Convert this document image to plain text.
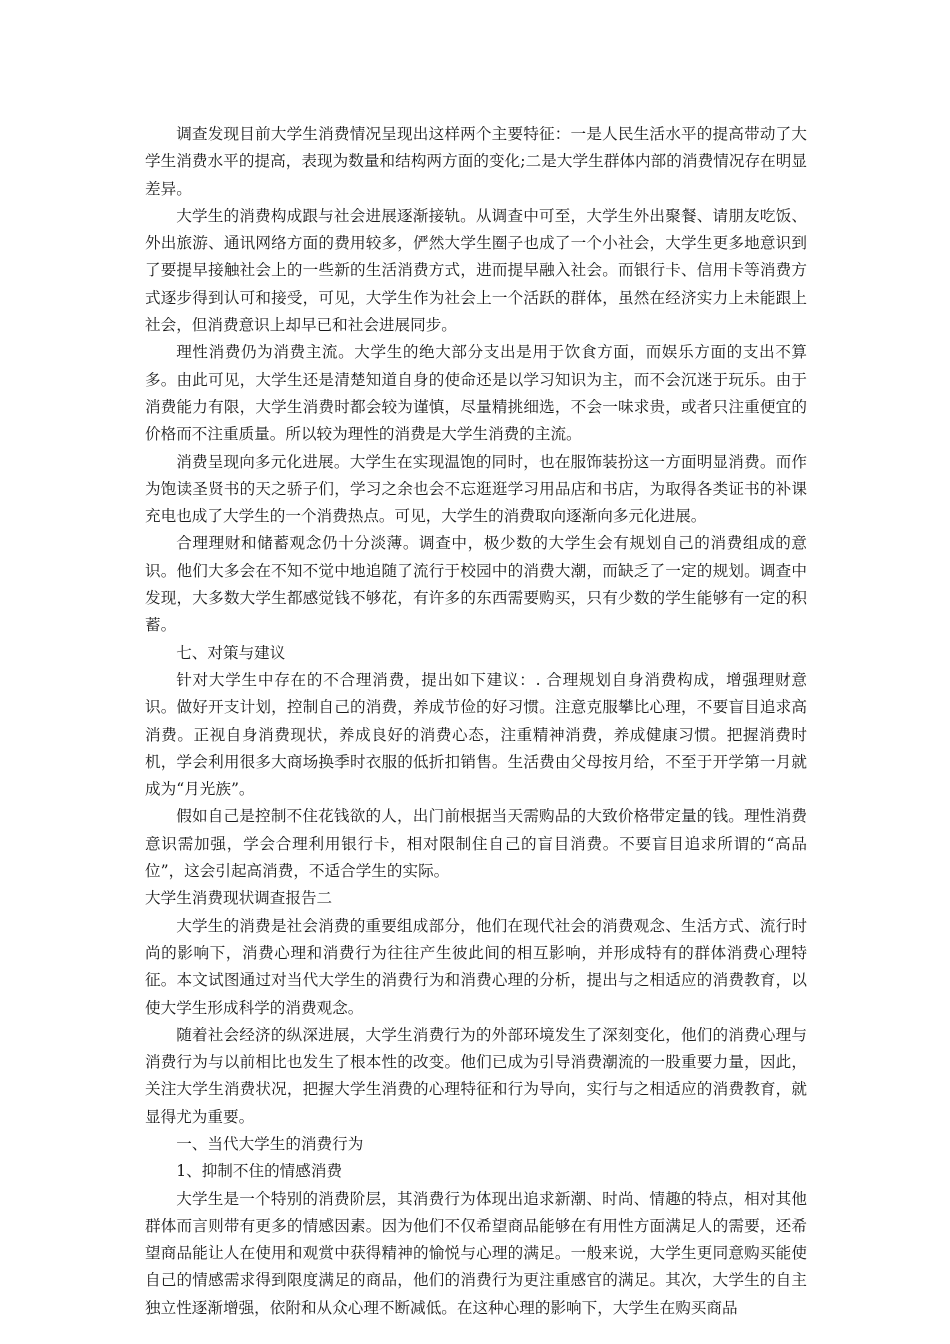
调查发现目前大学生消费情况呈现出这样两个主要特征：一是人民生活水平的提高带动了大学生消费水平的提高，表现为数量和结构两方面的变化;二是大学生群体内部的消费情况存在明显差异。

大学生的消费构成跟与社会进展逐渐接轨。从调查中可至，大学生外出聚餐、请朋友吃饭、外出旅游、通讯网络方面的费用较多，俨然大学生圈子也成了一个小社会，大学生更多地意识到了要提早接触社会上的一些新的生活消费方式，进而提早融入社会。而银行卡、信用卡等消费方式逐步得到认可和接受，可见，大学生作为社会上一个活跃的群体，虽然在经济实力上未能跟上社会，但消费意识上却早已和社会进展同步。

理性消费仍为消费主流。大学生的绝大部分支出是用于饮食方面，而娱乐方面的支出不算多。由此可见，大学生还是清楚知道自身的使命还是以学习知识为主，而不会沉迷于玩乐。由于消费能力有限，大学生消费时都会较为谨慎，尽量精挑细选，不会一味求贵，或者只注重便宜的价格而不注重质量。所以较为理性的消费是大学生消费的主流。

消费呈现向多元化进展。大学生在实现温饱的同时，也在服饰装扮这一方面明显消费。而作为饱读圣贤书的天之骄子们，学习之余也会不忘逛逛学习用品店和书店，为取得各类证书的补课充电也成了大学生的一个消费热点。可见，大学生的消费取向逐渐向多元化进展。

合理理财和储蓄观念仍十分淡薄。调查中，极少数的大学生会有规划自己的消费组成的意识。他们大多会在不知不觉中地追随了流行于校园中的消费大潮，而缺乏了一定的规划。调查中发现，大多数大学生都感觉钱不够花，有许多的东西需要购买，只有少数的学生能够有一定的积蓄。

七、对策与建议

针对大学生中存在的不合理消费，提出如下建议：. 合理规划自身消费构成，增强理财意识。做好开支计划，控制自己的消费，养成节俭的好习惯。注意克服攀比心理，不要盲目追求高消费。正视自身消费现状，养成良好的消费心态，注重精神消费，养成健康习惯。把握消费时机，学会利用很多大商场换季时衣服的低折扣销售。生活费由父母按月给，不至于开学第一月就成为“月光族”。

假如自己是控制不住花钱欲的人，出门前根据当天需购品的大致价格带定量的钱。理性消费意识需加强，学会合理利用银行卡，相对限制住自己的盲目消费。不要盲目追求所谓的“高品位”，这会引起高消费，不适合学生的实际。

大学生消费现状调查报告二

大学生的消费是社会消费的重要组成部分，他们在现代社会的消费观念、生活方式、流行时尚的影响下，消费心理和消费行为往往产生彼此间的相互影响，并形成特有的群体消费心理特征。本文试图通过对当代大学生的消费行为和消费心理的分析，提出与之相适应的消费教育，以使大学生形成科学的消费观念。

随着社会经济的纵深进展，大学生消费行为的外部环境发生了深刻变化，他们的消费心理与消费行为与以前相比也发生了根本性的改变。他们已成为引导消费潮流的一股重要力量，因此，关注大学生消费状况，把握大学生消费的心理特征和行为导向，实行与之相适应的消费教育，就显得尤为重要。

一、当代大学生的消费行为

1、抑制不住的情感消费

大学生是一个特别的消费阶层，其消费行为体现出追求新潮、时尚、情趣的特点，相对其他群体而言则带有更多的情感因素。因为他们不仅希望商品能够在有用性方面满足人的需要，还希望商品能让人在使用和观赏中获得精神的愉悦与心理的满足。一般来说，大学生更同意购买能使自己的情感需求得到限度满足的商品，他们的消费行为更注重感官的满足。其次，大学生的自主独立性逐渐增强，依附和从众心理不断减低。在这种心理的影响下，大学生在购买商品
